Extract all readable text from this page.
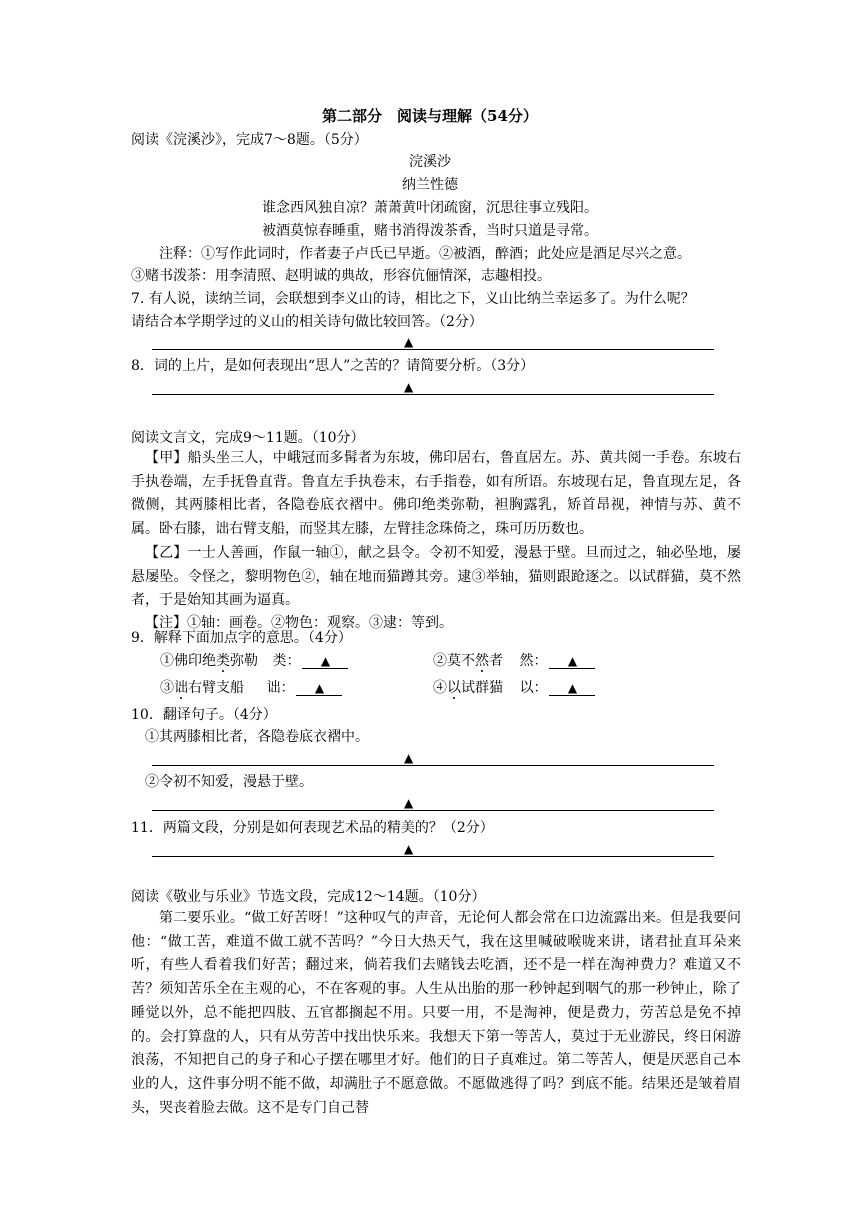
第二部分　阅读与理解（54分）
阅读《浣溪沙》，完成7～8题。（5分）
浣溪沙
纳兰性德
谁念西风独自凉？萧萧黄叶闭疏窗，沉思往事立残阳。
被酒莫惊春睡重，赌书消得泼茶香，当时只道是寻常。
注释：①写作此词时，作者妻子卢氏已早逝。②被酒，醉酒；此处应是酒足尽兴之意。
③赌书泼茶：用李清照、赵明诚的典故，形容伉俪情深，志趣相投。
7. 有人说，读纳兰词，会联想到李义山的诗，相比之下，义山比纳兰幸运多了。为什么呢？
请结合本学期学过的义山的相关诗句做比较回答。（2分）
▲
8．词的上片，是如何表现出“思人”之苦的？请简要分析。（3分）
▲
阅读文言文，完成9～11题。（10分）
【甲】船头坐三人，中峨冠而多髯者为东坡，佛印居右，鲁直居左。苏、黄共阅一手卷。东坡右手执卷端，左手抚鲁直背。鲁直左手执卷末，右手指卷，如有所语。东坡现右足，鲁直现左足，各微侧，其两膝相比者，各隐卷底衣褶中。佛印绝类弥勒，袒胸露乳，矫首昂视，神情与苏、黄不属。卧右膝，诎右臂支船，而竖其左膝，左臂挂念珠倚之，珠可历历数也。
【乙】一士人善画，作鼠一轴①，献之县令。令初不知爱，漫悬于壁。旦而过之，轴必坠地，屡悬屡坠。令怪之，黎明物色②，轴在地而猫蹲其旁。逮③举轴，猫则跟跄逐之。以试群猫，莫不然者，于是始知其画为逼真。
【注】①轴：画卷。②物色：观察。③逮：等到。
9．解释下面加点字的意思。（4分）
①佛印绝类弥勒 类： ▲	②莫不然者 然： ▲
③诎右臂支船 诎： ▲	④以试群猫 以： ▲
10．翻译句子。（4分）
①其两膝相比者，各隐卷底衣褶中。
▲
②令初不知爱，漫悬于壁。
▲
11．两篇文段，分别是如何表现艺术品的精美的？（2分）
▲
阅读《敬业与乐业》节选文段，完成12～14题。（10分）
第二要乐业。“做工好苦呀！”这种叹气的声音，无论何人都会常在口边流露出来。但是我要问他：“做工苦，难道不做工就不苦吗？”今日大热天气，我在这里喊破喉咙来讲，诸君扯直耳朵来听，有些人看着我们好苦；翻过来，倘若我们去赌钱去吃酒，还不是一样在淘神费力？难道又不苦？须知苦乐全在主观的心，不在客观的事。人生从出胎的那一秒钟起到咽气的那一秒钟止，除了睡觉以外，总不能把四肢、五官都搁起不用。只要一用，不是淘神，便是费力，劳苦总是免不掉的。会打算盘的人，只有从劳苦中找出快乐来。我想天下第一等苦人，莫过于无业游民，终日闲游浪荡，不知把自己的身子和心子摆在哪里才好。他们的日子真难过。第二等苦人，便是厌恶自己本业的人，这件事分明不能不做，却满肚子不愿意做。不愿做逃得了吗？到底不能。结果还是皱着眉头，哭丧着脸去做。这不是专门自己替
